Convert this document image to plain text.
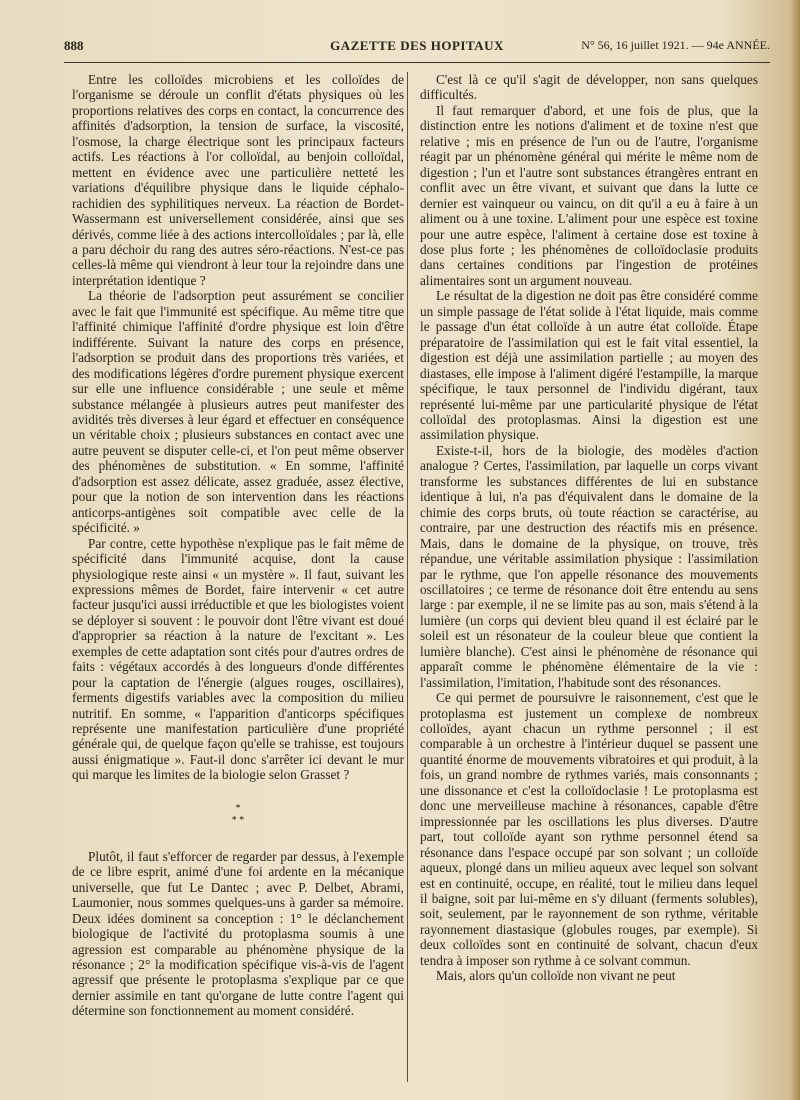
888	GAZETTE DES HOPITAUX	N° 56, 16 juillet 1921. — 94e ANNÉE.

Entre les colloïdes microbiens et les colloïdes de l'organisme se déroule un conflit d'états physiques où les proportions relatives des corps en contact, la concurrence des affinités d'adsorption, la tension de surface, la viscosité, l'osmose, la charge électrique sont les principaux facteurs actifs. Les réactions à l'or colloïdal, au benjoin colloïdal, mettent en évidence avec une particulière netteté les variations d'équilibre physique dans le liquide céphalo-rachidien des syphilitiques nerveux. La réaction de Bordet-Wassermann est universellement considérée, ainsi que ses dérivés, comme liée à des actions intercolloïdales ; par là, elle a paru déchoir du rang des autres séro-réactions. N'est-ce pas celles-là même qui viendront à leur tour la rejoindre dans une interprétation identique ?

La théorie de l'adsorption peut assurément se concilier avec le fait que l'immunité est spécifique. Au même titre que l'affinité chimique l'affinité d'ordre physique est loin d'être indifférente. Suivant la nature des corps en présence, l'adsorption se produit dans des proportions très variées, et des modifications légères d'ordre purement physique exercent sur elle une influence considérable ; une seule et même substance mélangée à plusieurs autres peut manifester des avidités très diverses à leur égard et effectuer en conséquence un véritable choix ; plusieurs substances en contact avec une autre peuvent se disputer celle-ci, et l'on peut même observer des phénomènes de substitution. « En somme, l'affinité d'adsorption est assez délicate, assez graduée, assez élective, pour que la notion de son intervention dans les réactions anticorps-antigènes soit compatible avec celle de la spécificité. »

Par contre, cette hypothèse n'explique pas le fait même de spécificité dans l'immunité acquise, dont la cause physiologique reste ainsi « un mystère ». Il faut, suivant les expressions mêmes de Bordet, faire intervenir « cet autre facteur jusqu'ici aussi irréductible et que les biologistes voient se déployer si souvent : le pouvoir dont l'être vivant est doué d'approprier sa réaction à la nature de l'excitant ». Les exemples de cette adaptation sont cités pour d'autres ordres de faits : végétaux accordés à des longueurs d'onde différentes pour la captation de l'énergie (algues rouges, oscillaires), ferments digestifs variables avec la composition du milieu nutritif. En somme, « l'apparition d'anticorps spécifiques représente une manifestation particulière d'une propriété générale qui, de quelque façon qu'elle se trahisse, est toujours aussi énigmatique ». Faut-il donc s'arrêter ici devant le mur qui marque les limites de la biologie selon Grasset ?

*
* *

Plutôt, il faut s'efforcer de regarder par dessus, à l'exemple de ce libre esprit, animé d'une foi ardente en la mécanique universelle, que fut Le Dantec ; avec P. Delbet, Abrami, Laumonier, nous sommes quelques-uns à garder sa mémoire. Deux idées dominent sa conception : 1° le déclanchement biologique de l'activité du protoplasma soumis à une agression est comparable au phénomène physique de la résonance ; 2° la modification spécifique vis-à-vis de l'agent agressif que présente le protoplasma s'explique par ce que dernier assimile en tant qu'organe de lutte contre l'agent qui détermine son fonctionnement au moment considéré.

C'est là ce qu'il s'agit de développer, non sans quelques difficultés.

Il faut remarquer d'abord, et une fois de plus, que la distinction entre les notions d'aliment et de toxine n'est que relative ; mis en présence de l'un ou de l'autre, l'organisme réagit par un phénomène général qui mérite le même nom de digestion ; l'un et l'autre sont substances étrangères entrant en conflit avec un être vivant, et suivant que dans la lutte ce dernier est vainqueur ou vaincu, on dit qu'il a eu à faire à un aliment ou à une toxine. L'aliment pour une espèce est toxine pour une autre espèce, l'aliment à certaine dose est toxine à dose plus forte ; les phénomènes de colloïdoclasie produits dans certaines conditions par l'ingestion de protéines alimentaires sont un argument nouveau.

Le résultat de la digestion ne doit pas être considéré comme un simple passage de l'état solide à l'état liquide, mais comme le passage d'un état colloïde à un autre état colloïde. Étape préparatoire de l'assimilation qui est le fait vital essentiel, la digestion est déjà une assimilation partielle ; au moyen des diastases, elle impose à l'aliment digéré l'estampille, la marque spécifique, le taux personnel de l'individu digérant, taux représenté lui-même par une particularité physique de l'état colloïdal des protoplasmas. Ainsi la digestion est une assimilation physique.

Existe-t-il, hors de la biologie, des modèles d'action analogue ? Certes, l'assimilation, par laquelle un corps vivant transforme les substances différentes de lui en substance identique à lui, n'a pas d'équivalent dans le domaine de la chimie des corps bruts, où toute réaction se caractérise, au contraire, par une destruction des réactifs mis en présence. Mais, dans le domaine de la physique, on trouve, très répandue, une véritable assimilation physique : l'assimilation par le rythme, que l'on appelle résonance des mouvements oscillatoires ; ce terme de résonance doit être entendu au sens large : par exemple, il ne se limite pas au son, mais s'étend à la lumière (un corps qui devient bleu quand il est éclairé par le soleil est un résonateur de la couleur bleue que contient la lumière blanche). C'est ainsi le phénomène de résonance qui apparaît comme le phénomène élémentaire de la vie : l'assimilation, l'imitation, l'habitude sont des résonances.

Ce qui permet de poursuivre le raisonnement, c'est que le protoplasma est justement un complexe de nombreux colloïdes, ayant chacun un rythme personnel ; il est comparable à un orchestre à l'intérieur duquel se passent une quantité énorme de mouvements vibratoires et qui produit, à la fois, un grand nombre de rythmes variés, mais consonnants ; une dissonance et c'est la colloïdoclasie ! Le protoplasma est donc une merveilleuse machine à résonances, capable d'être impressionnée par les oscillations les plus diverses. D'autre part, tout colloïde ayant son rythme personnel étend sa résonance dans l'espace occupé par son solvant ; un colloïde aqueux, plongé dans un milieu aqueux avec lequel son solvant est en continuité, occupe, en réalité, tout le milieu dans lequel il baigne, soit par lui-même en s'y diluant (ferments solubles), soit, seulement, par le rayonnement de son rythme, véritable rayonnement diastasique (globules rouges, par exemple). Si deux colloïdes sont en continuité de solvant, chacun d'eux tendra à imposer son rythme à ce solvant commun.

Mais, alors qu'un colloïde non vivant ne peut
